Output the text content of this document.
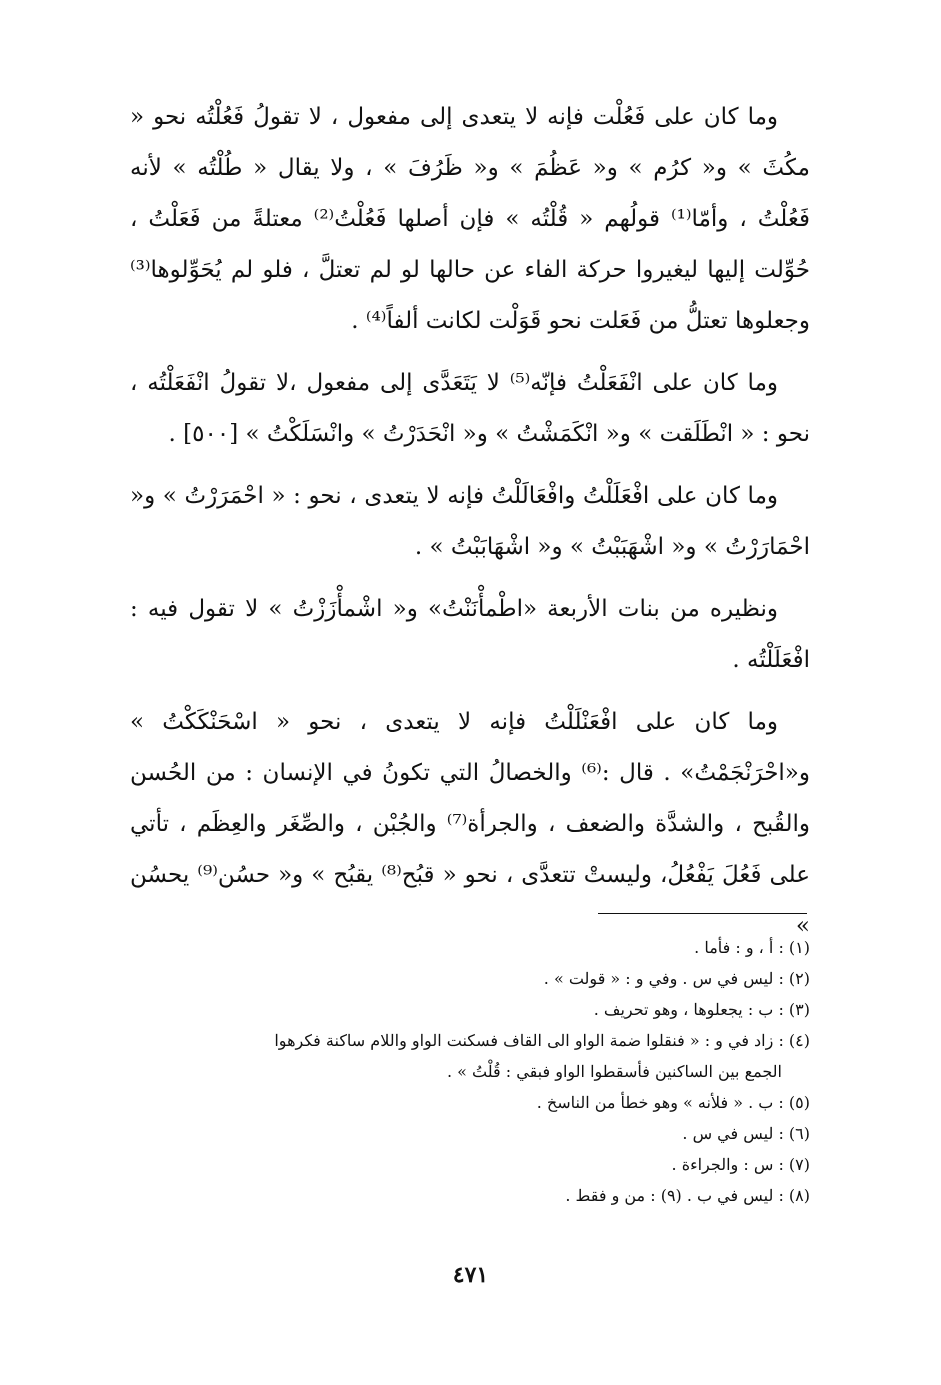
وما كان على فَعُلْت فإنه لا يتعدى إلى مفعول ، لا تقولُ فَعُلْتُه نحو « مكُثَ » و« كرُم » و« عَظُمَ » و« ظَرُفَ » ، ولا يقال « طُلْتُه » لأنه فَعُلْتُ ، وأمّا⁽¹⁾ قولُهم « قُلْتُه » فإن أصلها فَعُلْتُ⁽²⁾ معتلةً من فَعَلْتُ ، حُوِّلت إليها ليغيروا حركة الفاء عن حالها لو لم تعتلَّ ، فلو لم يُحَوِّلوها⁽³⁾ وجعلوها تعتلُّ من فَعَلت نحو قَوَلْت لكانت ألفاً⁽⁴⁾ .

وما كان على انْفَعَلْتُ فإنّه⁽⁵⁾ لا يَتَعَدَّى إلى مفعول ،لا تقولُ انْفَعَلْتُه ، نحو : « انْطَلَقت » و« انْكَمَشْتُ » و« انْحَدَرْتُ » وانْسَلَكْتُ » [٥٠٠] .

وما كان على افْعَلَلْتُ وافْعَالَلْتُ فإنه لا يتعدى ، نحو : « احْمَرَرْتُ » و« احْمَارَرْتُ » و« اشْهَبَبْتُ » و« اشْهَابَبْتُ » .

ونظيره من بنات الأربعة «اطْمأْنَنْتُ» و« اشْمأْزَزْتُ » لا تقول فيه : افْعَلَلْتُه .

وما كان على افْعَنْلَلْتُ فإنه لا يتعدى ، نحو « اسْحَنْكَكْتُ » و«احْرَنْجَمْتُ» . قال :⁽⁶⁾ والخصالُ التي تكونُ في الإنسان : من الحُسن والقُبح ، والشدَّة والضعف ، والجرأة⁽⁷⁾ والجُبْن ، والصِّغَر والعِظَم ، تأتي على فَعُلَ يَفْعُلُ، وليستْ تتعدَّى ، نحو « قبُح⁽⁸⁾ يقبُح » و« حسُن⁽⁹⁾ يحسُن »

(١) : أ ، و : فأما .

(٢) : ليس في س . وفي و : « قولت » .

(٣) : ب : يجعلوها ، وهو تحريف .

(٤) : زاد في و : « فنقلوا ضمة الواو الى القاف فسكنت الواو واللام ساكنة فكرهوا

الجمع بين الساكنين فأسقطوا الواو فبقي : قُلْتُ » .

(٥) : ب . « فلأنه » وهو خطأ من الناسخ .

(٦) : ليس في س .

(٧) : س : والجراءة .

(٨) : ليس في ب . (٩) : من و فقط .

٤٧١
